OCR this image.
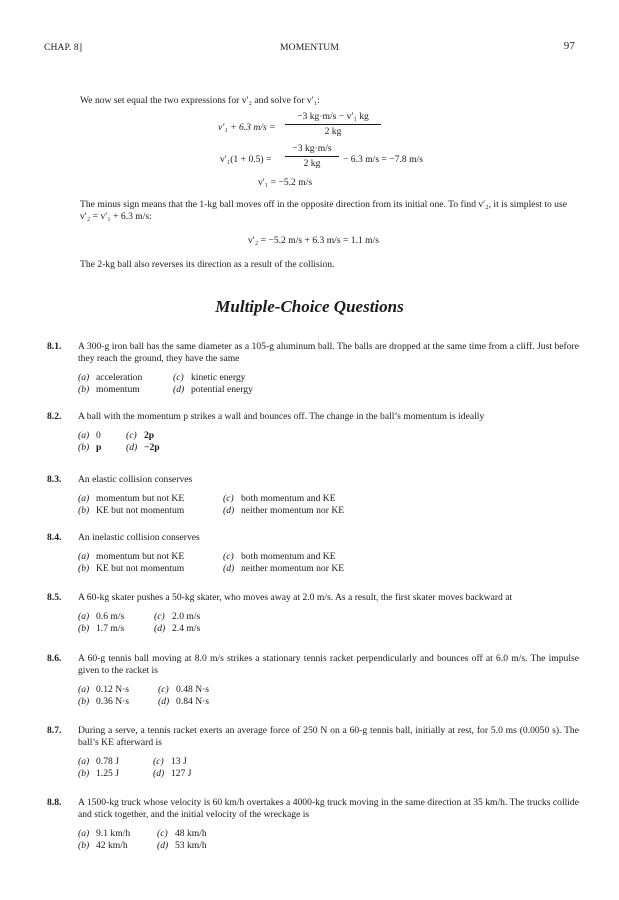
CHAP. 8]	MOMENTUM	97
We now set equal the two expressions for v′₂ and solve for v′₁:
v′₁ + 6.3 $m/s = \frac{\text{−3 kg·m/s − v′₁ kg}}{2 kg}$
$v'_1(1 + 0.5) = \frac{-3 kg\cdot m/s}{2 kg} - 6.3$ m/s = −7.8 m/s
v′₁ = −5.2 m/s
The minus sign means that the 1-kg ball moves off in the opposite direction from its initial one. To find v′₂, it is simplest to use v′₂ = v′₁ + 6.3 m/s:
v′₂ = −5.2 m/s + 6.3 m/s = 1.1 m/s
The 2-kg ball also reverses its direction as a result of the collision.
Multiple-Choice Questions
8.1. A 300-g iron ball has the same diameter as a 105-g aluminum ball. The balls are dropped at the same time from a cliff. Just before they reach the ground, they have the same
(a) acceleration
(b) momentum
(c) kinetic energy
(d) potential energy
8.2. A ball with the momentum p strikes a wall and bounces off. The change in the ball’s momentum is ideally
(a) 0
(b) p
(c) 2p
(d) −2p
8.3. An elastic collision conserves
(a) momentum but not KE
(b) KE but not momentum
(c) both momentum and KE
(d) neither momentum nor KE
8.4. An inelastic collision conserves
(a) momentum but not KE
(b) KE but not momentum
(c) both momentum and KE
(d) neither momentum nor KE
8.5. A 60-kg skater pushes a 50-kg skater, who moves away at 2.0 m/s. As a result, the first skater moves backward at
(a) 0.6 m/s
(b) 1.7 m/s
(c) 2.0 m/s
(d) 2.4 m/s
8.6. A 60-g tennis ball moving at 8.0 m/s strikes a stationary tennis racket perpendicularly and bounces off at 6.0 m/s. The impulse given to the racket is
(a) 0.12 N·s
(b) 0.36 N·s
(c) 0.48 N·s
(d) 0.84 N·s
8.7. During a serve, a tennis racket exerts an average force of 250 N on a 60-g tennis ball, initially at rest, for 5.0 ms (0.0050 s). The ball’s KE afterward is
(a) 0.78 J
(b) 1.25 J
(c) 13 J
(d) 127 J
8.8. A 1500-kg truck whose velocity is 60 km/h overtakes a 4000-kg truck moving in the same direction at 35 km/h. The trucks collide and stick together, and the initial velocity of the wreckage is
(a) 9.1 km/h
(b) 42 km/h
(c) 48 km/h
(d) 53 km/h
